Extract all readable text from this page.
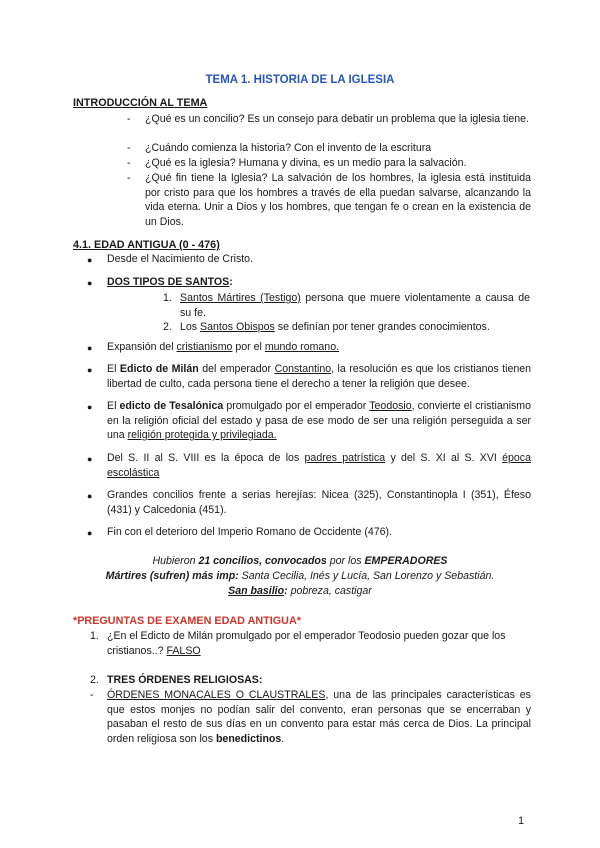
TEMA 1. HISTORIA DE LA IGLESIA
INTRODUCCIÓN AL TEMA
- ¿Qué es un concilio? Es un consejo para debatir un problema que la iglesia tiene.
- ¿Cuándo comienza la historia? Con el invento de la escritura
- ¿Qué es la iglesia? Humana y divina, es un medio para la salvación.
- ¿Qué fin tiene la Iglesia? La salvación de los hombres, la iglesia está instituida por cristo para que los hombres a través de ella puedan salvarse, alcanzando la vida eterna. Unir a Dios y los hombres, que tengan fe o crean en la existencia de un Dios.
4.1. EDAD ANTIGUA (0 - 476)
● Desde el Nacimiento de Cristo.
● DOS TIPOS DE SANTOS:
1. Santos Mártires (Testigo) persona que muere violentamente a causa de su fe.
2. Los Santos Obispos se definían por tener grandes conocimientos.
● Expansión del cristianismo por el mundo romano.
● El Edicto de Milán del emperador Constantino, la resolución es que los cristianos tienen libertad de culto, cada persona tiene el derecho a tener la religión que desee.
● El edicto de Tesalónica promulgado por el emperador Teodosio, convierte el cristianismo en la religión oficial del estado y pasa de ese modo de ser una religión perseguida a ser una religión protegida y privilegiada.
● Del S. II al S. VIII es la época de los padres patrística y del S. XI al S. XVI época escolástica
● Grandes concilios frente a serias herejías: Nicea (325), Constantinopla I (351), Éfeso (431) y Calcedonia (451).
● Fin con el deterioro del Imperio Romano de Occidente (476).
Hubieron 21 concilios, convocados por los EMPERADORES
Mártires (sufren) más imp: Santa Cecilia, Inés y Lucía, San Lorenzo y Sebastián.
San basilio: pobreza, castigar
*PREGUNTAS DE EXAMEN EDAD ANTIGUA*
1. ¿En el Edicto de Milán promulgado por el emperador Teodosio pueden gozar que los cristianos..? FALSO
2. TRES ÓRDENES RELIGIOSAS:
- ÓRDENES MONACALES O CLAUSTRALES, una de las principales características es que estos monjes no podían salir del convento, eran personas que se encerraban y pasaban el resto de sus días en un convento para estar más cerca de Dios. La principal orden religiosa son los benedictinos.
1
